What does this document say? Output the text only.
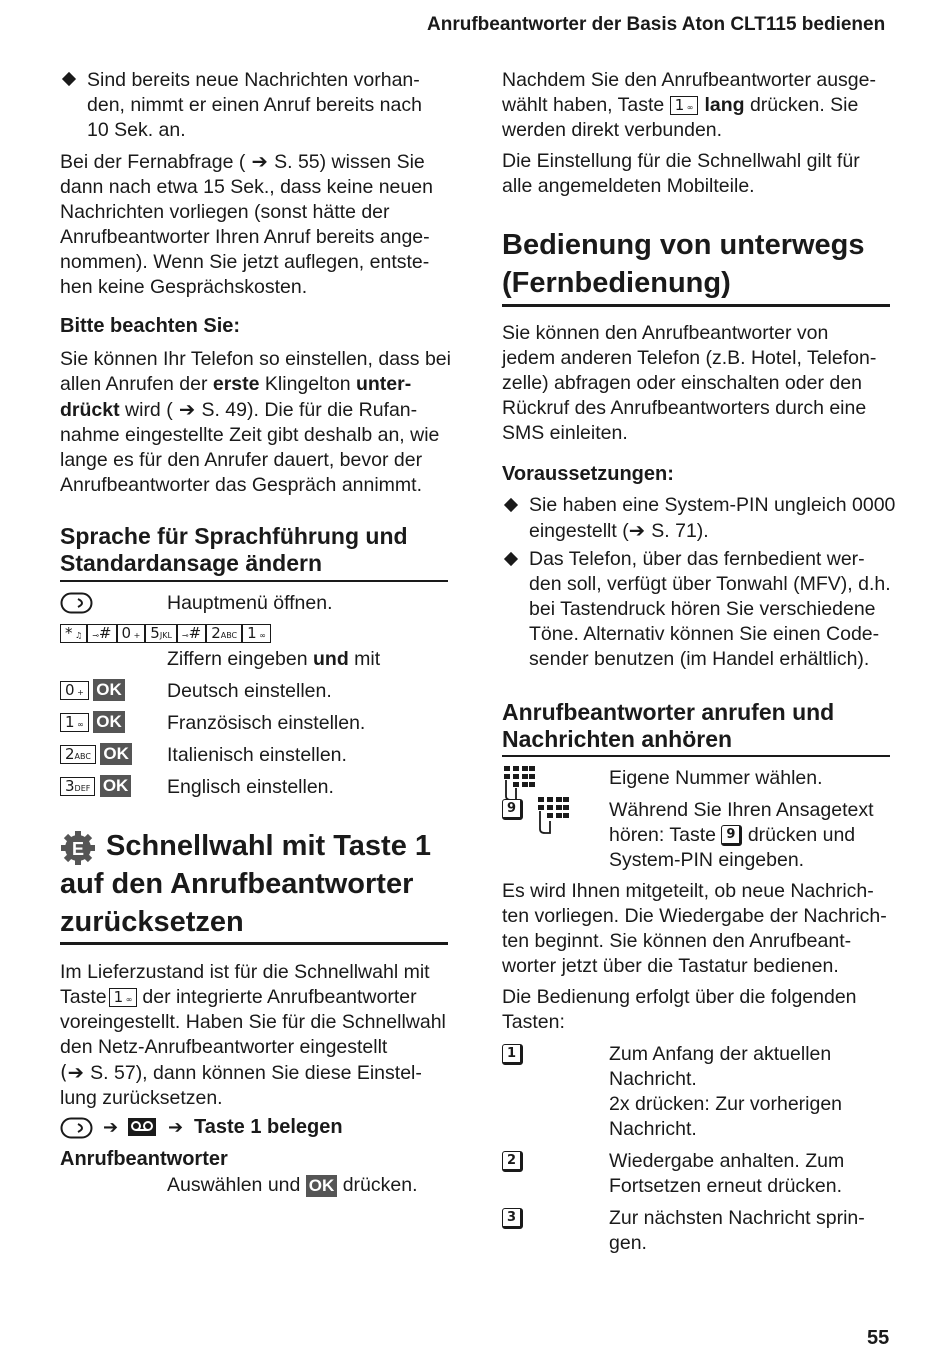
Anrufbeantworter der Basis Aton CLT115 bedienen
Sind bereits neue Nachrichten vorhan-
den, nimmt er einen Anruf bereits nach
10 Sek. an.
Bei der Fernabfrage ( ➔ S. 55) wissen Sie
dann nach etwa 15 Sek., dass keine neuen
Nachrichten vorliegen (sonst hätte der
Anrufbeantworter Ihren Anruf bereits ange-
nommen). Wenn Sie jetzt auflegen, entste-
hen keine Gesprächskosten.
Bitte beachten Sie:
Sie können Ihr Telefon so einstellen, dass bei
allen Anrufen der erste Klingelton unter-
drückt wird ( ➔ S. 49). Die für die Rufan-
nahme eingestellte Zeit gibt deshalb an, wie
lange es für den Anrufer dauert, bevor der
Anrufbeantworter das Gespräch annimmt.
Sprache für Sprachführung und
Standardansage ändern
Hauptmenü öffnen.
* ♫ ⊸# 0 + 5JKL ⊸# 2ABC 1 ∞
Ziffern eingeben und mit
0 + OK Deutsch einstellen.
1 ∞ OK Französisch einstellen.
2ABC OK Italienisch einstellen.
3DEF OK Englisch einstellen.
E Schnellwahl mit Taste 1
auf den Anrufbeantworter
zurücksetzen
Im Lieferzustand ist für die Schnellwahl mit
Taste 1 ∞ der integrierte Anrufbeantworter
voreingestellt. Haben Sie für die Schnellwahl
den Netz-Anrufbeantworter eingestellt
(➔ S. 57), dann können Sie diese Einstel-
lung zurücksetzen.
➔	➔ Taste 1 belegen
Anrufbeantworter
Auswählen und OK drücken.
Nachdem Sie den Anrufbeantworter ausge-
wählt haben, Taste 1 ∞ lang drücken. Sie
werden direkt verbunden.
Die Einstellung für die Schnellwahl gilt für
alle angemeldeten Mobilteile.
Bedienung von unterwegs
(Fernbedienung)
Sie können den Anrufbeantworter von
jedem anderen Telefon (z.B. Hotel, Telefon-
zelle) abfragen oder einschalten oder den
Rückruf des Anrufbeantworters durch eine
SMS einleiten.
Voraussetzungen:
Sie haben eine System-PIN ungleich 0000
eingestellt (➔ S. 71).
Das Telefon, über das fernbedient wer-
den soll, verfügt über Tonwahl (MFV), d.h.
bei Tastendruck hören Sie verschiedene
Töne. Alternativ können Sie einen Code-
sender benutzen (im Handel erhältlich).
Anrufbeantworter anrufen und
Nachrichten anhören
Eigene Nummer wählen.
9	Während Sie Ihren Ansagetext
hören: Taste 9 drücken und
System-PIN eingeben.
Es wird Ihnen mitgeteilt, ob neue Nachrich-
ten vorliegen. Die Wiedergabe der Nachrich-
ten beginnt. Sie können den Anrufbeant-
worter jetzt über die Tastatur bedienen.
Die Bedienung erfolgt über die folgenden
Tasten:
1	Zum Anfang der aktuellen
Nachricht.
2x drücken: Zur vorherigen
Nachricht.
2	Wiedergabe anhalten. Zum
Fortsetzen erneut drücken.
3	Zur nächsten Nachricht sprin-
gen.
55
